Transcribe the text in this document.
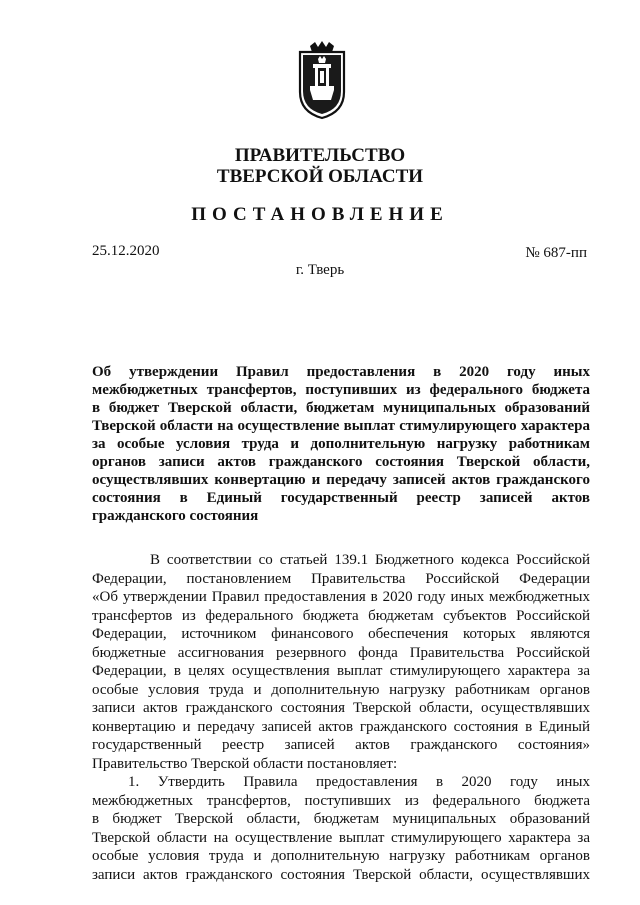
ПРАВИТЕЛЬСТВО
ТВЕРСКОЙ ОБЛАСТИ
ПОСТАНОВЛЕНИЕ
25.12.2020	№ 687-пп
г. Тверь
Об утверждении Правил предоставления в 2020 году иных
межбюджетных трансфертов, поступивших из федерального бюджета
в бюджет Тверской области, бюджетам муниципальных образований
Тверской области на осуществление выплат стимулирующего характера
за особые условия труда и дополнительную нагрузку работникам
органов записи актов гражданского состояния Тверской области,
осуществлявших конвертацию и передачу записей актов гражданского
состояния в Единый государственный реестр записей актов
гражданского состояния
В соответствии со статьей 139.1 Бюджетного кодекса Российской
Федерации, постановлением Правительства Российской Федерации
«Об утверждении Правил предоставления в 2020 году иных межбюджетных
трансфертов из федерального бюджета бюджетам субъектов Российской
Федерации, источником финансового обеспечения которых являются
бюджетные ассигнования резервного фонда Правительства Российской
Федерации, в целях осуществления выплат стимулирующего характера за
особые условия труда и дополнительную нагрузку работникам органов
записи актов гражданского состояния Тверской области, осуществлявших
конвертацию и передачу записей актов гражданского состояния в Единый
государственный реестр записей актов гражданского состояния»
Правительство Тверской области постановляет:
1. Утвердить Правила предоставления в 2020 году иных
межбюджетных трансфертов, поступивших из федерального бюджета
в бюджет Тверской области, бюджетам муниципальных образований
Тверской области на осуществление выплат стимулирующего характера за
особые условия труда и дополнительную нагрузку работникам органов
записи актов гражданского состояния Тверской области, осуществлявших
